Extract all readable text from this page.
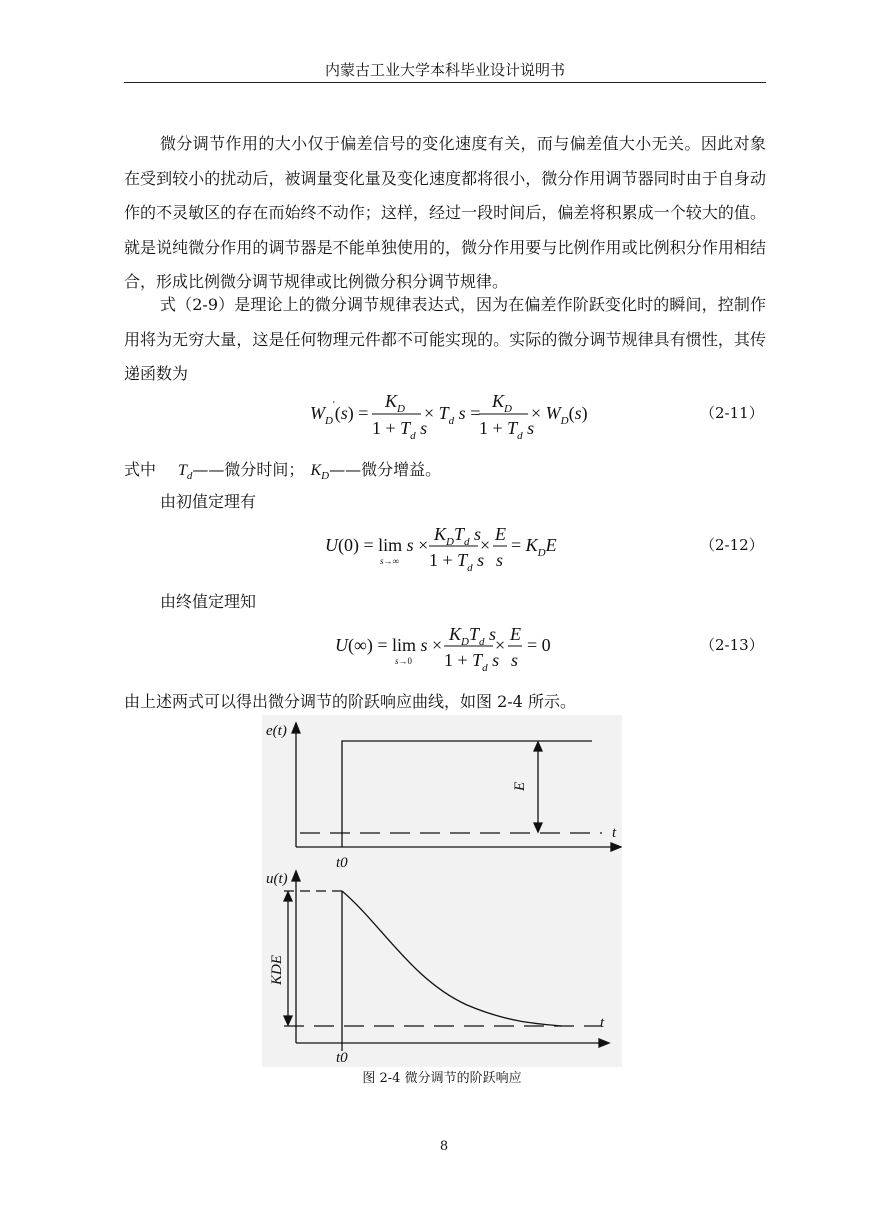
内蒙古工业大学本科毕业设计说明书

微分调节作用的大小仅于偏差信号的变化速度有关，而与偏差值大小无关。因此对象在受到较小的扰动后，被调量变化量及变化速度都将很小，微分作用调节器同时由于自身动作的不灵敏区的存在而始终不动作；这样，经过一段时间后，偏差将积累成一个较大的值。就是说纯微分作用的调节器是不能单独使用的，微分作用要与比例作用或比例积分作用相结合，形成比例微分调节规律或比例微分积分调节规律。

式（2-9）是理论上的微分调节规律表达式，因为在偏差作阶跃变化时的瞬间，控制作用将为无穷大量，这是任何物理元件都不可能实现的。实际的微分调节规律具有惯性，其传递函数为

$W_D'(s)$ =
$K_D$
$1 + T_d$ s
× $T_d$ s =
$K_D$
$1 + T_d$ s
× $W_D(s)$	（2-11）
式中 $T_d——$微分时间； $K_D——$微分增益。
由初值定理有
U(0) = lim s ×
s→∞
$K_DT_d$ s
$1 + T_d$ s
×
E
s
= $K_DE$	（2-12）
由终值定理知
U(∞) = lim s ×
s→0
$K_DT_d$ s
$1 + T_d$ s
×
E
s
= 0	（2-13）
由上述两式可以得出微分调节的阶跃响应曲线，如图 2-4 所示。
e(t)
t
t0
E
u(t)
t
t0
KDE
图 2-4 微分调节的阶跃响应
8
